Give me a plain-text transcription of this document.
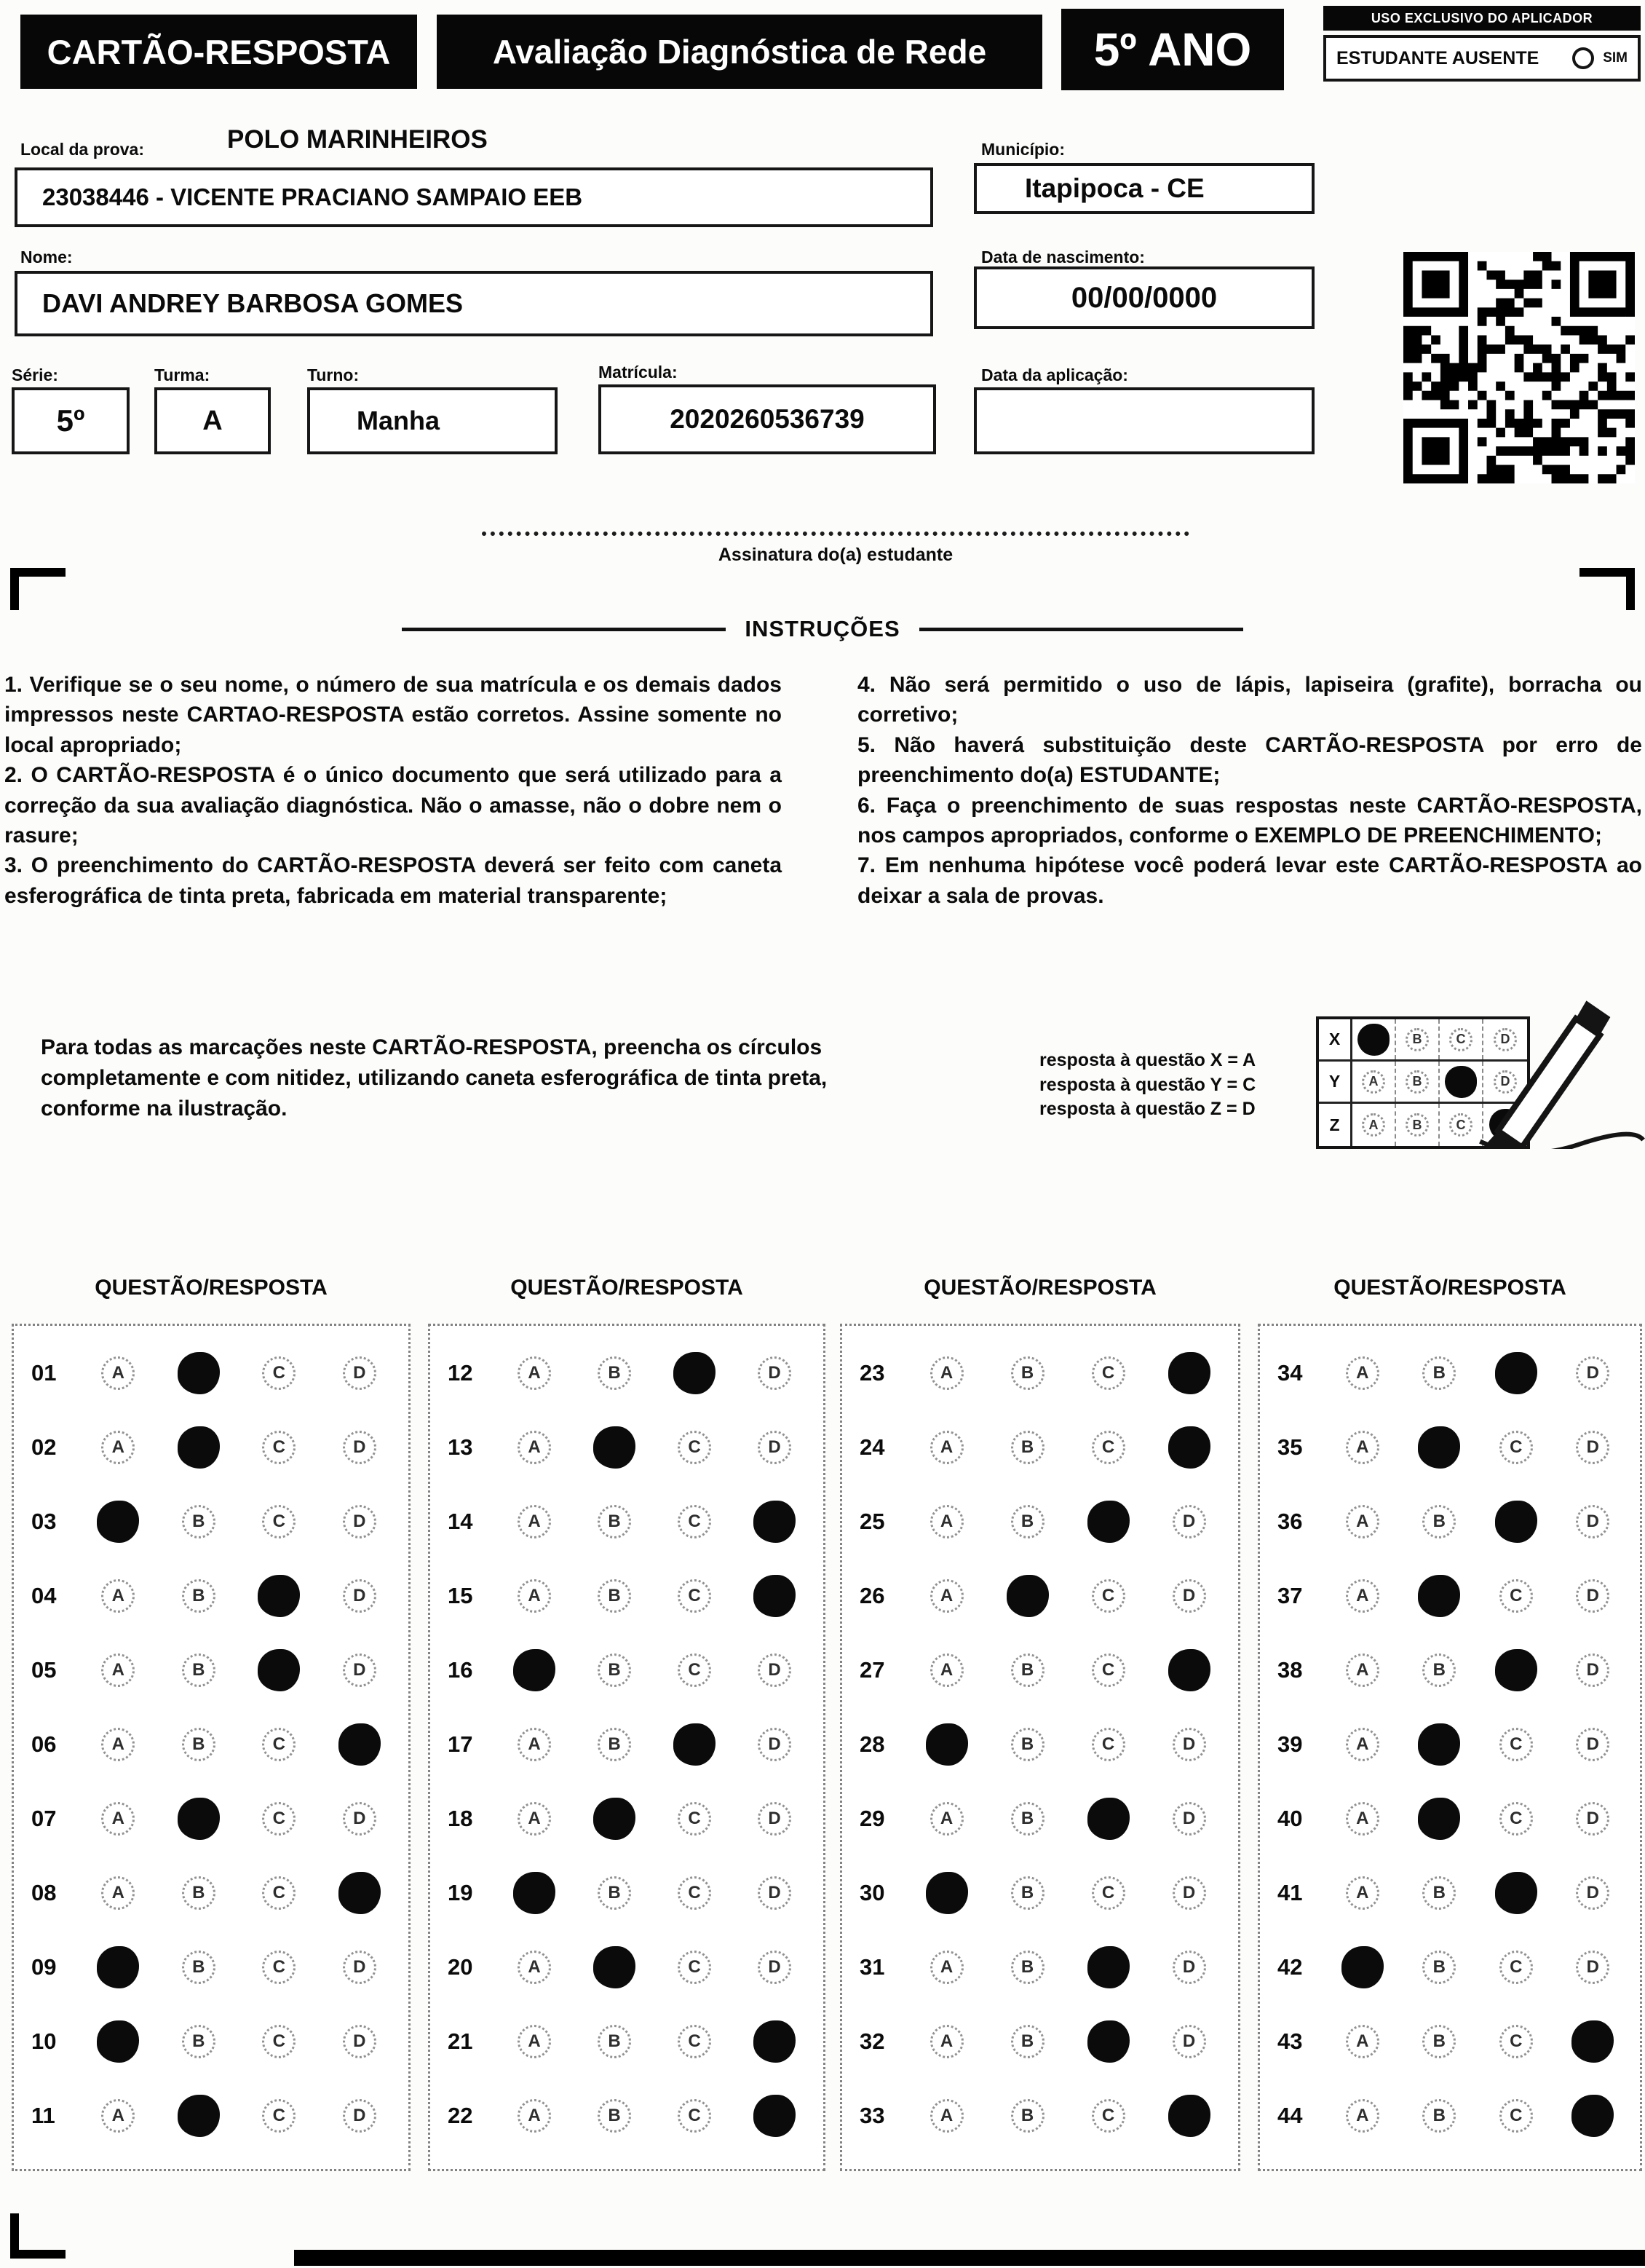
CARTÃO-RESPOSTA	Avaliação Diagnóstica de Rede	5º ANO
USO EXCLUSIVO DO APLICADOR
ESTUDANTE AUSENTE	SIM
Local da prova:	POLO MARINHEIROS
23038446 - VICENTE PRACIANO SAMPAIO EEB
Município:
Itapipoca - CE
Nome:
DAVI ANDREY BARBOSA GOMES
Data de nascimento:
00/00/0000
Série:
5º
Turma:
A
Turno:
Manha
Matrícula:
2020260536739
Data da aplicação:
Assinatura do(a) estudante
INSTRUÇÕES

1. Verifique se o seu nome, o número de sua matrícula e os demais dados impressos neste CARTAO-RESPOSTA estão corretos. Assine somente no local apropriado;

2. O CARTÃO-RESPOSTA é o único documento que será utilizado para a correção da sua avaliação diagnóstica. Não o amasse, não o dobre nem o rasure;

3. O preenchimento do CARTÃO-RESPOSTA deverá ser feito com caneta esferográfica de tinta preta, fabricada em material transparente;

4. Não será permitido o uso de lápis, lapiseira (grafite), borracha ou corretivo;

5. Não haverá substituição deste CARTÃO-RESPOSTA por erro de preenchimento do(a) ESTUDANTE;

6. Faça o preenchimento de suas respostas neste CARTÃO-RESPOSTA, nos campos apropriados, conforme o EXEMPLO DE PREENCHIMENTO;

7. Em nenhuma hipótese você poderá levar este CARTÃO-RESPOSTA ao deixar a sala de provas.

Para todas as marcações neste CARTÃO-RESPOSTA, preencha os círculos completamente e com nitidez, utilizando caneta esferográfica de tinta preta, conforme na ilustração.
resposta à questão X = A
resposta à questão Y = C
resposta à questão Z = D
X	B	C	D
Y	A	B	D
Z	A	B	C
QUESTÃO/RESPOSTA	QUESTÃO/RESPOSTA	QUESTÃO/RESPOSTA	QUESTÃO/RESPOSTA
01	A	C	D
02	A	C	D
03	B	C	D
04	A	B	D
05	A	B	D
06	A	B	C
07	A	C	D
08	A	B	C
09	B	C	D
10	B	C	D
11	A	C	D
12	A	B	D
13	A	C	D
14	A	B	C
15	A	B	C
16	B	C	D
17	A	B	D
18	A	C	D
19	B	C	D
20	A	C	D
21	A	B	C
22	A	B	C
23	A	B	C
24	A	B	C
25	A	B	D
26	A	C	D
27	A	B	C
28	B	C	D
29	A	B	D
30	B	C	D
31	A	B	D
32	A	B	D
33	A	B	C
34	A	B	D
35	A	C	D
36	A	B	D
37	A	C	D
38	A	B	D
39	A	C	D
40	A	C	D
41	A	B	D
42	B	C	D
43	A	B	C
44	A	B	C
